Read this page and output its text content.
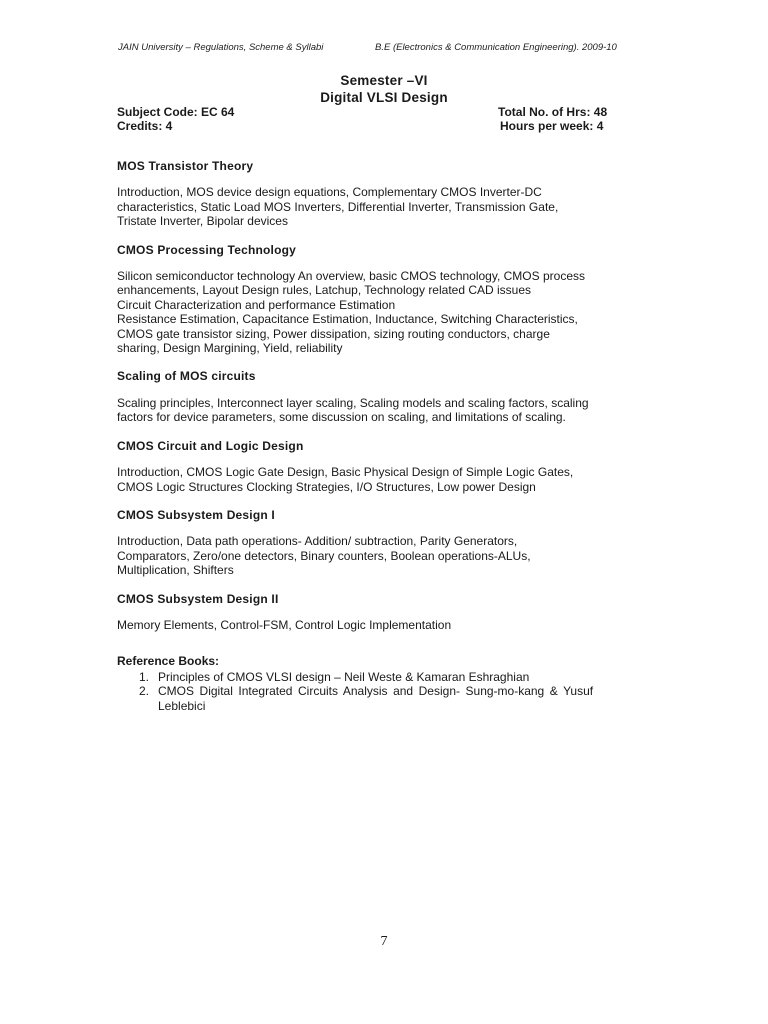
JAIN University – Regulations, Scheme & Syllabi	B.E (Electronics & Communication Engineering). 2009-10
Semester –VI
Digital VLSI Design
Subject Code: EC 64	Total No. of Hrs: 48
Credits: 4	Hours per week: 4
MOS Transistor Theory
Introduction, MOS device design equations, Complementary CMOS Inverter-DC
characteristics, Static Load MOS Inverters, Differential Inverter, Transmission Gate,
Tristate Inverter, Bipolar devices
CMOS Processing Technology
Silicon semiconductor technology An overview, basic CMOS technology, CMOS process
enhancements, Layout Design rules, Latchup, Technology related CAD issues
Circuit Characterization and performance Estimation
Resistance Estimation, Capacitance Estimation, Inductance, Switching Characteristics,
CMOS gate transistor sizing, Power dissipation, sizing routing conductors, charge
sharing, Design Margining, Yield, reliability
Scaling of MOS circuits
Scaling principles, Interconnect layer scaling, Scaling models and scaling factors, scaling
factors for device parameters, some discussion on scaling, and limitations of scaling.
CMOS Circuit and Logic Design
Introduction, CMOS Logic Gate Design, Basic Physical Design of Simple Logic Gates,
CMOS Logic Structures Clocking Strategies, I/O Structures, Low power Design
CMOS Subsystem Design I
Introduction, Data path operations- Addition/ subtraction, Parity Generators,
Comparators, Zero/one detectors, Binary counters, Boolean operations-ALUs,
Multiplication, Shifters
CMOS Subsystem Design II
Memory Elements, Control-FSM, Control Logic Implementation
Reference Books:
1. Principles of CMOS VLSI design – Neil Weste & Kamaran Eshraghian
2. CMOS Digital Integrated Circuits Analysis and Design- Sung-mo-kang & Yusuf
Leblebici
7
